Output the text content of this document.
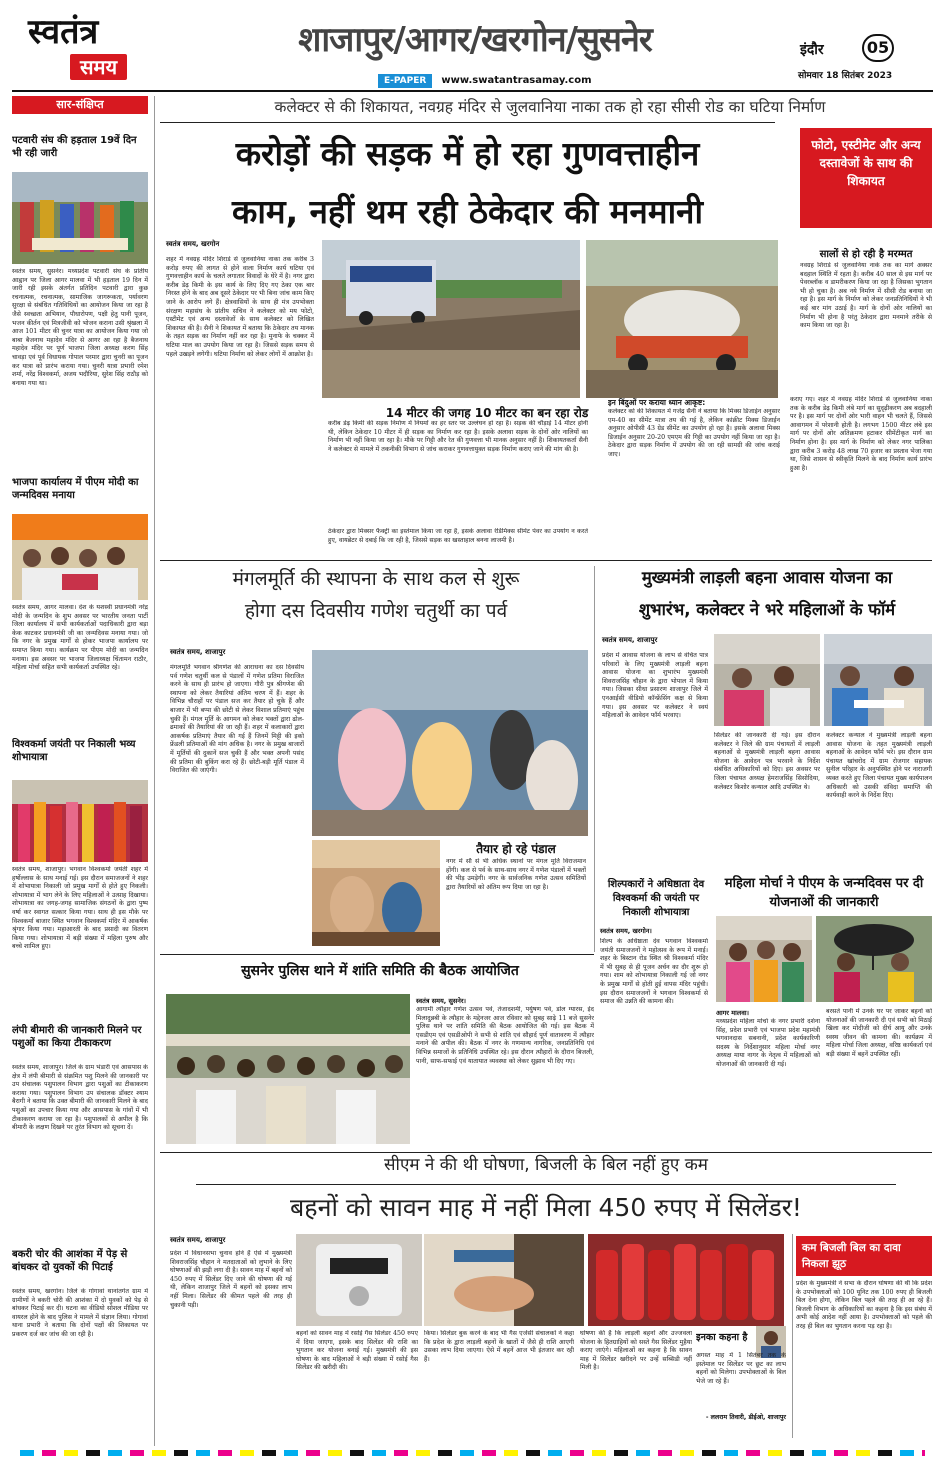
स्वतंत्र
समय
शाजापुर/आगर/खरगोन/सुसनेर
E-PAPER www.swatantrasamay.com
इंदौर	05
सोमवार 18 सितंबर 2023
सार-संक्षिप्त
पटवारी संघ की हड़ताल 19वें दिन भी रही जारी
स्वतंत्र समय, सुसनेर। मध्यप्रदेश पटवारी संघ के प्रांतीय आह्वान पर जिला आगर मालवा में भी हड़ताल 19 दिन में जारी रही इसके अंतर्गत प्रतिदिन पटवारी द्वारा कुछ रचनात्मक, रचनात्मक, सामाजिक जागरूकता, पर्यावरण सुरक्षा से संबंधित गतिविधियों का आयोजन किया जा रहा है जैसे स्वच्छता अभियान, पौधारोपण, पक्षी हेतु पानी पूजन, भजन कीर्तन एवं मित्रजीवी को भोजन कराना उसी श्रृंखला में आज 101 मीटर की चुनर यात्रा का आयोजन किया गया जो बाबा बैजनाथ महादेव मंदिर से आगर आ रहा है बैजनाथ महादेव मंदिर पर पूर्ण भाजपा जिला अध्यक्ष करण सिंह चावड़ा एवं पूर्व विधायक गोपाल परमार द्वारा चुनरी का पूजन कर यात्रा को प्रारंभ कराया गया। चुनरी यात्रा प्रभारी रमेश शर्मा, नरेंद्र विश्वकर्मा, अजय भदौरिया, सुरेश सिंह राठौड़ को बनाया गया था।
भाजपा कार्यालय में पीएम मोदी का जन्मदिवस मनाया
स्वतंत्र समय, आगर मालवा। देश के यशस्वी प्रधानमंत्री नरेंद्र मोदी के जन्मदिन के शुभ अवसर पर भारतीय जनता पार्टी जिला कार्यालय में सभी कार्यकर्ताओं पदाधिकारी द्वारा बड़ा केक काटकर प्रधानमंत्री जी का जन्मदिवस मनाया गया। जो कि नगर के प्रमुख मार्गों से होकर भाजपा कार्यालय पर समाप्त किया गया। कार्यक्रम पर पीएम मोदी का जन्मदिन मनाया। इस अवसर पर भाजपा जिलाध्यक्ष चिंतामन राठौर, महिला मोर्चा सहित सभी कार्यकर्ता उपस्थित रहे।
विश्वकर्मा जयंती पर निकाली भव्य शोभायात्रा
स्वतंत्र समय, शाजापुर। भगवान विश्वकर्मा जयंती शहर में हर्षोल्लास के साथ मनाई गई। इस दौरान समाजजनों ने शहर में शोभायात्रा निकाली जो प्रमुख मार्गों से होते हुए निकली। शोभायात्रा में भाग लेने के लिए महिलाओं ने उत्साह दिखाया। शोभायात्रा का जगह-जगह सामाजिक संगठनों के द्वारा पुष्प वर्षा कर स्वागत सत्कार किया गया। साथ ही इस मौके पर विश्वकर्मा बाजार स्थित भगवान विश्वकर्मा मंदिर में आकर्षक श्रृंगार किया गया। महाआरती के बाद प्रसादी का वितरण किया गया। शोभायात्रा में बड़ी संख्या में महिला पुरुष और बच्चे शामिल हुए।
लंपी बीमारी की जानकारी मिलने पर पशुओं का किया टीकाकरण
स्वतंत्र समय, शाजापुर। जिले के ग्राम भंडारी एवं आसपास के क्षेत्र में लंपी बीमारी से संक्रमित पशु मिलने की जानकारी पर उप संचालक पशुपालन विभाग द्वारा पशुओं का टीकाकरण कराया गया। पशुपालन विभाग उप संचालक डॉक्टर श्याम बैरागी ने बताया कि उक्त बीमारी की जानकारी मिलने के बाद पशुओं का उपचार किया गया और आसपास के गांवों में भी टीकाकरण कराया जा रहा है। पशुपालकों से अपील है कि बीमारी के लक्षण दिखने पर तुरंत विभाग को सूचना दें।
बकरी चोर की आशंका में पेड़ से बांधकर दो युवकों की पिटाई
स्वतंत्र समय, खरगोन। जिले के गोगावां थानांतर्गत ग्राम में ग्रामीणों ने बकरी चोरी की आशंका में दो युवकों को पेड़ से बांधकर पिटाई कर दी। घटना का वीडियो सोशल मीडिया पर वायरल होने के बाद पुलिस ने मामले में संज्ञान लिया। गोगावां थाना प्रभारी ने बताया कि दोनों पक्षों की शिकायत पर प्रकरण दर्ज कर जांच की जा रही है।
कलेक्टर से की शिकायत, नवग्रह मंदिर से जुलवानिया नाका तक हो रहा सीसी रोड का घटिया निर्माण
करोड़ों की सड़क में हो रहा गुणवत्ताहीन
काम, नहीं थम रही ठेकेदार की मनमानी
फोटो, एस्टीमेट और अन्य दस्तावेजों के साथ की शिकायत
सालों से हो रही है मरम्मत
नवग्रह शिराडे से जुलवानिया नाके तक का मार्ग अक्सर बदहाल स्थिति में रहता है। करीब 40 साल से इस मार्ग पर पेवरब्लॉक व डामरीकरण किया जा रहा है जिसका भुगतान भी हो चुका है। अब नये निर्माण में सीसी रोड बनाया जा रहा है। इस मार्ग के निर्माण को लेकर जनप्रतिनिधियों ने भी कई बार मांग उठाई है। मार्ग के दोनों ओर नालियों का निर्माण भी होना है परंतु ठेकेदार द्वारा मनमाने तरीके से काम किया जा रहा है।
स्वतंत्र समय, खरगोन
शहर में नवग्रह मंदिर शिराडे से जुलवानिया नाका तक करीब 3 करोड़ रुपए की लागत से होने वाला निर्माण कार्य घटिया एवं गुणवत्ताहीन कार्य के चलते लगातार विवादों के घेरे में है। नगर द्वारा करीब डेढ़ किमी के इस कार्य के लिए दिए गए ठेका एक बार निरस्त होने के बाद अब दूसरे ठेकेदार पर भी बिना जांच काम किए जाने के आरोप लगे हैं। क्षेत्रवासियों के साथ ही मंत्र उपभोक्ता संरक्षण महासंघ के प्रांतीय सचिव ने कलेक्टर को मय फोटो, एस्टीमेट एवं अन्य दस्तावेजों के साथ कलेक्टर को लिखित शिकायत की है। सैनी ने शिकायत में बताया कि ठेकेदार तय मानक के तहत सड़क का निर्माण नहीं कर रहा है। मुनाफे के चक्कर में घटिया माल का उपयोग किया जा रहा है। जिससे सड़क समय से पहले उखड़ने लगेगी। घटिया निर्माण को लेकर लोगों में आक्रोश है।
14 मीटर की जगह 10 मीटर का बन रहा रोड
करीब डेढ़ किमी की सड़क निर्माण में नियमों का हर स्तर पर उल्लंघन हो रहा है। सड़क की चौड़ाई 14 मीटर होनी थी, लेकिन ठेकेदार 10 मीटर में ही सड़क का निर्माण कर रहा है। इसके अलावा सड़क के दोनों ओर नालियों का निर्माण भी नहीं किया जा रहा है। मौके पर गिट्टी और रेत की गुणवत्ता भी मानक अनुसार नहीं है। शिकायतकर्ता सैनी ने कलेक्टर से मामले में तकनीकी विभाग से जांच कराकर गुणवत्तायुक्त सड़क निर्माण कराए जाने की मांग की है।
ठेकेदार द्वारा मिक्सर फैक्ट्री का इस्तेमाल किया जा रहा है, इसके अलावा रेडिमिक्स सीमेंट पेवर का उपयोग न करते हुए, वायब्रेटर से दबाई कि जा रही है, जिससे सड़क का खस्ताहाल बनना लाजमी है।
इन बिंदुओं पर कराया ध्यान आकृष्ट:
कलेक्टर को की शिकायत में गजेंद्र सैनी ने बताया कि मिक्स डिजाईन अनुसार एम-40 का सीमेंट मात्रा तय की गई है, लेकिन कांक्रीट मिक्स डिजाईन अनुसार ओपीसी 43 ग्रेड सीमेंट का उपयोग हो रहा है। इसके अलावा मिक्स डिजाईन अनुसार 20-20 एमएम की गिट्टी का उपयोग नहीं किया जा रहा है। ठेकेदार द्वारा सड़क निर्माण में उपयोग की जा रही सामग्री की जांच कराई जाए।
कराए गए। शहर में नवग्रह मंदिर शिराडे से जुलवानिया नाका तक के करीब डेढ़ किमी लंबे मार्ग का सुदृढ़ीकरण अब बदहाली पर है। इस मार्ग पर दोनों ओर भारी वाहन भी चलते हैं, जिससे आवागमन में परेशानी होती है। लगभग 1500 मीटर लंबे इस मार्ग पर दोनों ओर अतिक्रमण हटाकर सीमेंटीकृत मार्ग का निर्माण होना है। इस मार्ग के निर्माण को लेकर नगर पालिका द्वारा करीब 3 करोड़ 48 लाख 70 हजार का प्रस्ताव भेजा गया था, जिसे शासन से स्वीकृति मिलने के बाद निर्माण कार्य प्रारंभ हुआ है।
मंगलमूर्ति की स्थापना के साथ कल से शुरू
होगा दस दिवसीय गणेश चतुर्थी का पर्व
स्वतंत्र समय, शाजापुर
मंगलमूर्ति भगवान श्रीगणेश की आराधना का दस दिवसीय पर्व गणेश चतुर्थी कल से पंडालों में गणेश प्रतिमा विराजित करने के साथ ही प्रारंभ हो जाएगा। गौरी पुत्र श्रीगणेश की स्थापना को लेकर तैयारियां अंतिम चरण में हैं। शहर के विभिन्न चौराहों पर पंडाल सज कर तैयार हो चुके हैं और बाजार में भी बप्पा की छोटी से लेकर विशाल प्रतिमाएं पहुंच चुकी हैं। मंगल मूर्ति के आगमन को लेकर भक्तों द्वारा ढोल-ढमाकों की तैयारियां की जा रही हैं। शहर में कलाकारों द्वारा आकर्षक प्रतिमाएं तैयार की गई हैं जिनमें मिट्टी की इको फ्रेंडली प्रतिमाओं की मांग अधिक है। नगर के प्रमुख बाजारों में मूर्तियों की दुकानें सज चुकी हैं और भक्त अपनी पसंद की प्रतिमा की बुकिंग करा रहे हैं। छोटी-बड़ी मूर्ति पंडाल में विराजित की जाएंगी।
तैयार हो रहे पंडाल
नगर में सौ से भी अधिक स्थानों पर मंगल मूर्ति विराजमान होंगी। कल से पर्व के साथ-साथ नगर में गणेश पंडालों में भक्तों की भीड़ उमड़ेगी। नगर के सार्वजनिक गणेश उत्सव समितियों द्वारा तैयारियों को अंतिम रूप दिया जा रहा है।
मुख्यमंत्री लाड़ली बहना आवास योजना का
शुभारंभ, कलेक्टर ने भरे महिलाओं के फॉर्म
स्वतंत्र समय, शाजापुर
प्रदेश में आवास योजना के लाभ से वंचित पात्र परिवारों के लिए मुख्यमंत्री लाड़ली बहना आवास योजना का शुभारंभ मुख्यमंत्री शिवराजसिंह चौहान के द्वारा भोपाल में किया गया। जिसका सीधा प्रसारण शाजापुर जिले में एनआईसी वीडियो कॉन्फ्रेंसिंग कक्ष से किया गया। इस अवसर पर कलेक्टर ने स्वयं महिलाओं के आवेदन फॉर्म भरवाए।
सिलेंडर की जानकारी दी गई। इस दौरान कलेक्टर ने जिले की ग्राम पंचायतों में लाड़ली बहनाओं से मुख्यमंत्री लाड़ली बहना आवास योजना के आवेदन पत्र भरवाने के निर्देश संबंधित अधिकारियों को दिए। इस अवसर पर जिला पंचायत अध्यक्ष हेमराजसिंह सिसोदिया, कलेक्टर किशोर कन्याल आदि उपस्थित थे।
कलेक्टर कन्याल ने मुख्यमंत्री लाड़ली बहना आवास योजना के तहत मुख्यमंत्री लाड़ली बहनाओं के आवेदन फॉर्म भरे। इस दौरान ग्राम पंचायत खांचरोद में ग्राम रोजगार सहायक सुनील परिहार के अनुपस्थित होने पर नाराजगी व्यक्त करते हुए जिला पंचायत मुख्य कार्यपालन अधिकारी को उसकी संविदा समाप्ति की कार्यवाही करने के निर्देश दिए।
शिल्पकारों ने अधिष्ठाता देव विश्वकर्मा की जयंती पर निकाली शोभायात्रा
स्वतंत्र समय, खरगोन।
शिल्प के अधिष्ठाता देव भगवान विश्वकर्मा जयंती समाजजनों ने महोत्सव के रूप में मनाई। शहर के बिस्टान रोड स्थित श्री विश्वकर्मा मंदिर में भी सुबह से ही पूजन अर्चन का दौर शुरू हो गया। शाम को शोभायात्रा निकाली गई जो नगर के प्रमुख मार्गों से होती हुई वापस मंदिर पहुंची। इस दौरान समाजजनों ने भगवान विश्वकर्मा से समाज की उन्नति की कामना की।
महिला मोर्चा ने पीएम के जन्मदिवस पर दी योजनाओं की जानकारी
आगर मालवा।
मध्यप्रदेश महिला मोर्चा के नगर प्रभारी दर्शना सिंह, प्रदेश प्रभारी एवं भाजपा प्रदेश महामंत्री भगवानदास सबनानी, प्रदेश कार्यकारिणी सदस्य के निर्देशानुसार महिला मोर्चा नगर अध्यक्ष माया नागर के नेतृत्व में महिलाओं को योजनाओं की जानकारी दी गई।
बरसते पानी में उनके घर पर जाकर बहनों को योजनाओं की जानकारी दी एवं सभी को मिठाई खिला कर मोदीजी को दीर्घ आयु और उनके स्वस्थ जीवन की कामना की। कार्यक्रम में महिला मोर्चा जिला अध्यक्ष, वरिष्ठ कार्यकर्ता एवं बड़ी संख्या में बहनें उपस्थित रहीं।
सुसनेर पुलिस थाने में शांति समिति की बैठक आयोजित
स्वतंत्र समय, सुसनेर।
आगामी त्यौहार गणेश उत्सव पर्व, तेजादशमी, पर्युषण पर्व, डोल ग्यारस, ईद मिलादुन्नबी के त्यौहार के मद्देनजर आज रविवार को सुबह साढ़े 11 बजे सुसनेर पुलिस थाने पर शांति समिति की बैठक आयोजित की गई। इस बैठक में एसडीएम एवं एसडीओपी ने सभी से शांति एवं सौहार्द पूर्ण वातावरण में त्यौहार मनाने की अपील की। बैठक में नगर के गणमान्य नागरिक, जनप्रतिनिधि एवं विभिन्न समाजों के प्रतिनिधि उपस्थित रहे। इस दौरान त्यौहारों के दौरान बिजली, पानी, साफ-सफाई एवं यातायात व्यवस्था को लेकर सुझाव भी दिए गए।
सीएम ने की थी घोषणा, बिजली के बिल नहीं हुए कम
बहनों को सावन माह में नहीं मिला 450 रुपए में सिलेंडर!
स्वतंत्र समय, शाजापुर
प्रदेश में विधानसभा चुनाव होने हैं ऐसे में मुख्यमंत्री शिवराजसिंह चौहान ने मतदाताओं को लुभाने के लिए घोषणाओं की झड़ी लगा दी है। सावन माह में बहनों को 450 रुपए में सिलेंडर दिए जाने की घोषणा की गई थी, लेकिन शाजापुर जिले में बहनों को इसका लाभ नहीं मिला। सिलेंडर की कीमत पहले की तरह ही चुकानी पड़ी।
बहनों को सावन माह में रसोई गैस सिलेंडर 450 रुपए में दिया जाएगा, इसके बाद सिलेंडर की राशि का भुगतान कर योजना बनाई गई। मुख्यमंत्री की इस घोषणा के बाद महिलाओं ने बड़ी संख्या में रसोई गैस सिलेंडर की खरीदी की।
किया। सिलेंडर बुक करने के बाद भी गैस एजेंसी संचालकों ने कहा कि प्रदेश के द्वारा लाड़ली बहनों के खातों में जैसे ही राशि आएगी उसका लाभ दिया जाएगा। ऐसे में बहनें आज भी इंतजार कर रही हैं।
घोषणा की है कि लाड़ली बहनों और उज्जवला योजना के हितग्राहियों को सस्ते गैस सिलेंडर मुहैया कराए जाएंगे। महिलाओं का कहना है कि सावन माह में सिलेंडर खरीदने पर उन्हें सब्सिडी नहीं मिली है।
इनका कहना है
अगस्त माह में 1 सितंबर तक के इस्तेमाल पर सिलेंडर पर छूट का लाभ बहनों को मिलेगा। उपभोक्ताओं के बिल भेजे जा रहे हैं।
- ललराम तिवारी, डीईओ, शाजापुर
कम बिजली बिल का दावा निकला झूठ
प्रदेश के मुख्यमंत्री ने सभा के दौरान घोषणा की थी कि प्रदेश के उपभोक्ताओं को 100 यूनिट तक 100 रुपए ही बिजली बिल देना होगा, लेकिन बिल पहले की तरह ही आ रहे हैं। बिजली विभाग के अधिकारियों का कहना है कि इस संबंध में अभी कोई आदेश नहीं आया है। उपभोक्ताओं को पहले की तरह ही बिल का भुगतान करना पड़ रहा है।
